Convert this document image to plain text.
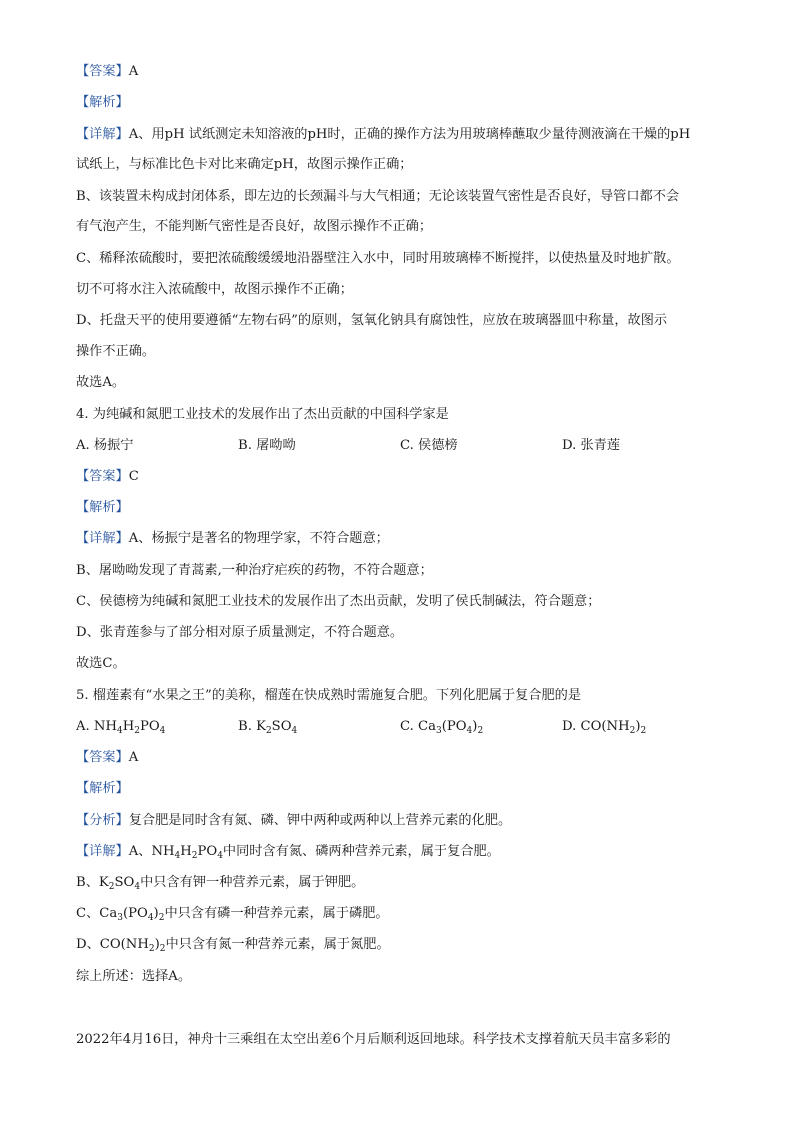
【答案】A
【解析】
【详解】A、用pH 试纸测定未知溶液的pH时，正确的操作方法为用玻璃棒蘸取少量待测液滴在干燥的pH
试纸上，与标准比色卡对比来确定pH，故图示操作正确；
B、该装置未构成封闭体系，即左边的长颈漏斗与大气相通；无论该装置气密性是否良好，导管口都不会
有气泡产生，不能判断气密性是否良好，故图示操作不正确；
C、稀释浓硫酸时，要把浓硫酸缓缓地沿器壁注入水中，同时用玻璃棒不断搅拌，以使热量及时地扩散。
切不可将水注入浓硫酸中，故图示操作不正确；
D、托盘天平的使用要遵循“左物右码”的原则，氢氧化钠具有腐蚀性，应放在玻璃器皿中称量，故图示
操作不正确。
故选A。
4. 为纯碱和氮肥工业技术的发展作出了杰出贡献的中国科学家是
A. 杨振宁	B. 屠呦呦	C. 侯德榜	D. 张青莲
【答案】C
【解析】
【详解】A、杨振宁是著名的物理学家，不符合题意；
B、屠呦呦发现了青蒿素,一种治疗疟疾的药物，不符合题意；
C、侯德榜为纯碱和氮肥工业技术的发展作出了杰出贡献，发明了侯氏制碱法，符合题意；
D、张青莲参与了部分相对原子质量测定，不符合题意。
故选C。
5. 榴莲素有“水果之王”的美称，榴莲在快成熟时需施复合肥。下列化肥属于复合肥的是
A. $NH_4H_2PO_4$	B. $K_2SO_4$	C. $Ca_3(PO_4)_2$	D. $CO(NH_2)_2$
【答案】A
【解析】
【分析】复合肥是同时含有氮、磷、钾中两种或两种以上营养元素的化肥。
【详解】A、$NH_4H_2PO_4$中同时含有氮、磷两种营养元素，属于复合肥。
B、$K_2SO_4$中只含有钾一种营养元素，属于钾肥。
C、$Ca_3(PO_4)_2$中只含有磷一种营养元素，属于磷肥。
D、$CO(NH_2)_2$中只含有氮一种营养元素，属于氮肥。
综上所述：选择A。
2022年4月16日，神舟十三乘组在太空出差6个月后顺利返回地球。科学技术支撑着航天员丰富多彩的
